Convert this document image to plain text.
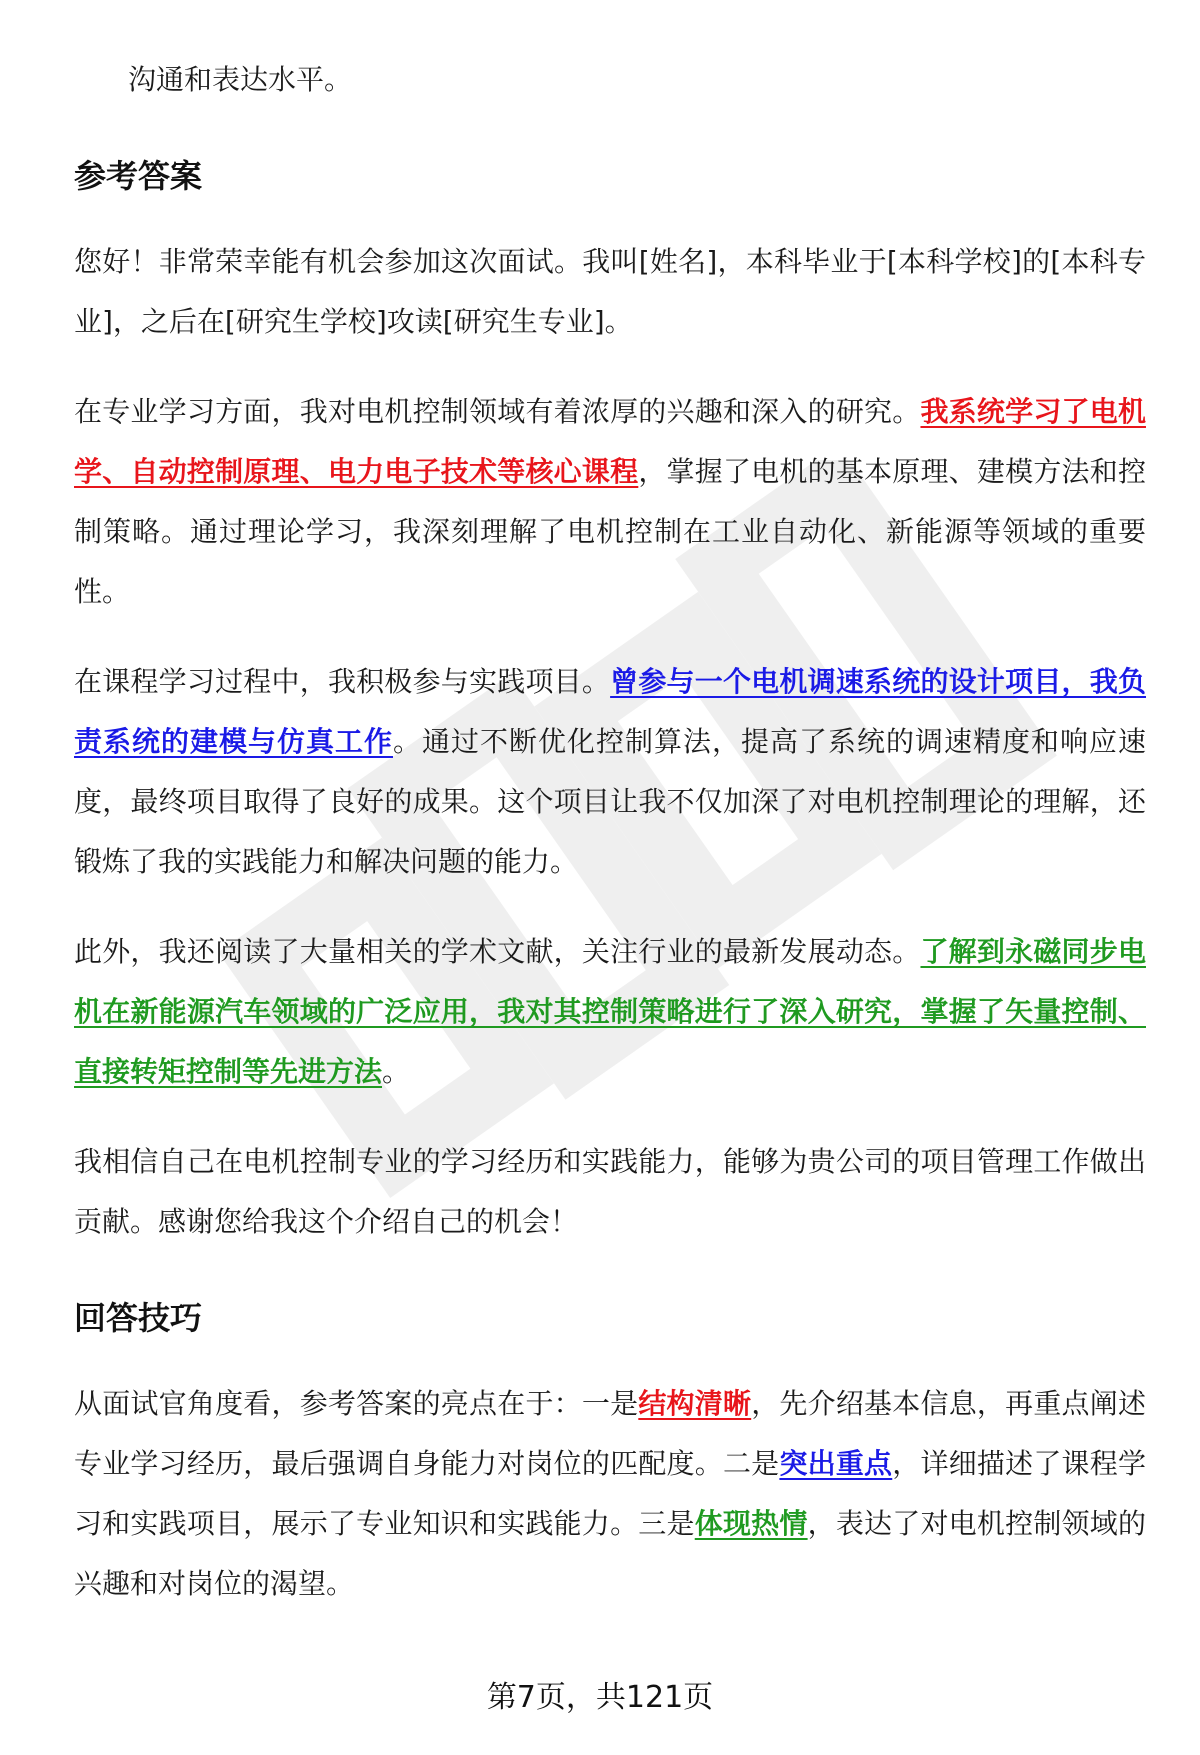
沟通和表达水平。

参考答案

您好！非常荣幸能有机会参加这次面试。我叫[姓名]，本科毕业于[本科学校]的[本科专业]，之后在[研究生学校]攻读[研究生专业]。

在专业学习方面，我对电机控制领域有着浓厚的兴趣和深入的研究。我系统学习了电机学、自动控制原理、电力电子技术等核心课程，掌握了电机的基本原理、建模方法和控制策略。通过理论学习，我深刻理解了电机控制在工业自动化、新能源等领域的重要性。

在课程学习过程中，我积极参与实践项目。曾参与一个电机调速系统的设计项目，我负责系统的建模与仿真工作。通过不断优化控制算法，提高了系统的调速精度和响应速度，最终项目取得了良好的成果。这个项目让我不仅加深了对电机控制理论的理解，还锻炼了我的实践能力和解决问题的能力。

此外，我还阅读了大量相关的学术文献，关注行业的最新发展动态。了解到永磁同步电机在新能源汽车领域的广泛应用，我对其控制策略进行了深入研究，掌握了矢量控制、直接转矩控制等先进方法。

我相信自己在电机控制专业的学习经历和实践能力，能够为贵公司的项目管理工作做出贡献。感谢您给我这个介绍自己的机会！

回答技巧

从面试官角度看，参考答案的亮点在于：一是结构清晰，先介绍基本信息，再重点阐述专业学习经历，最后强调自身能力对岗位的匹配度。二是突出重点，详细描述了课程学习和实践项目，展示了专业知识和实践能力。三是体现热情，表达了对电机控制领域的兴趣和对岗位的渴望。

第7页，共121页
